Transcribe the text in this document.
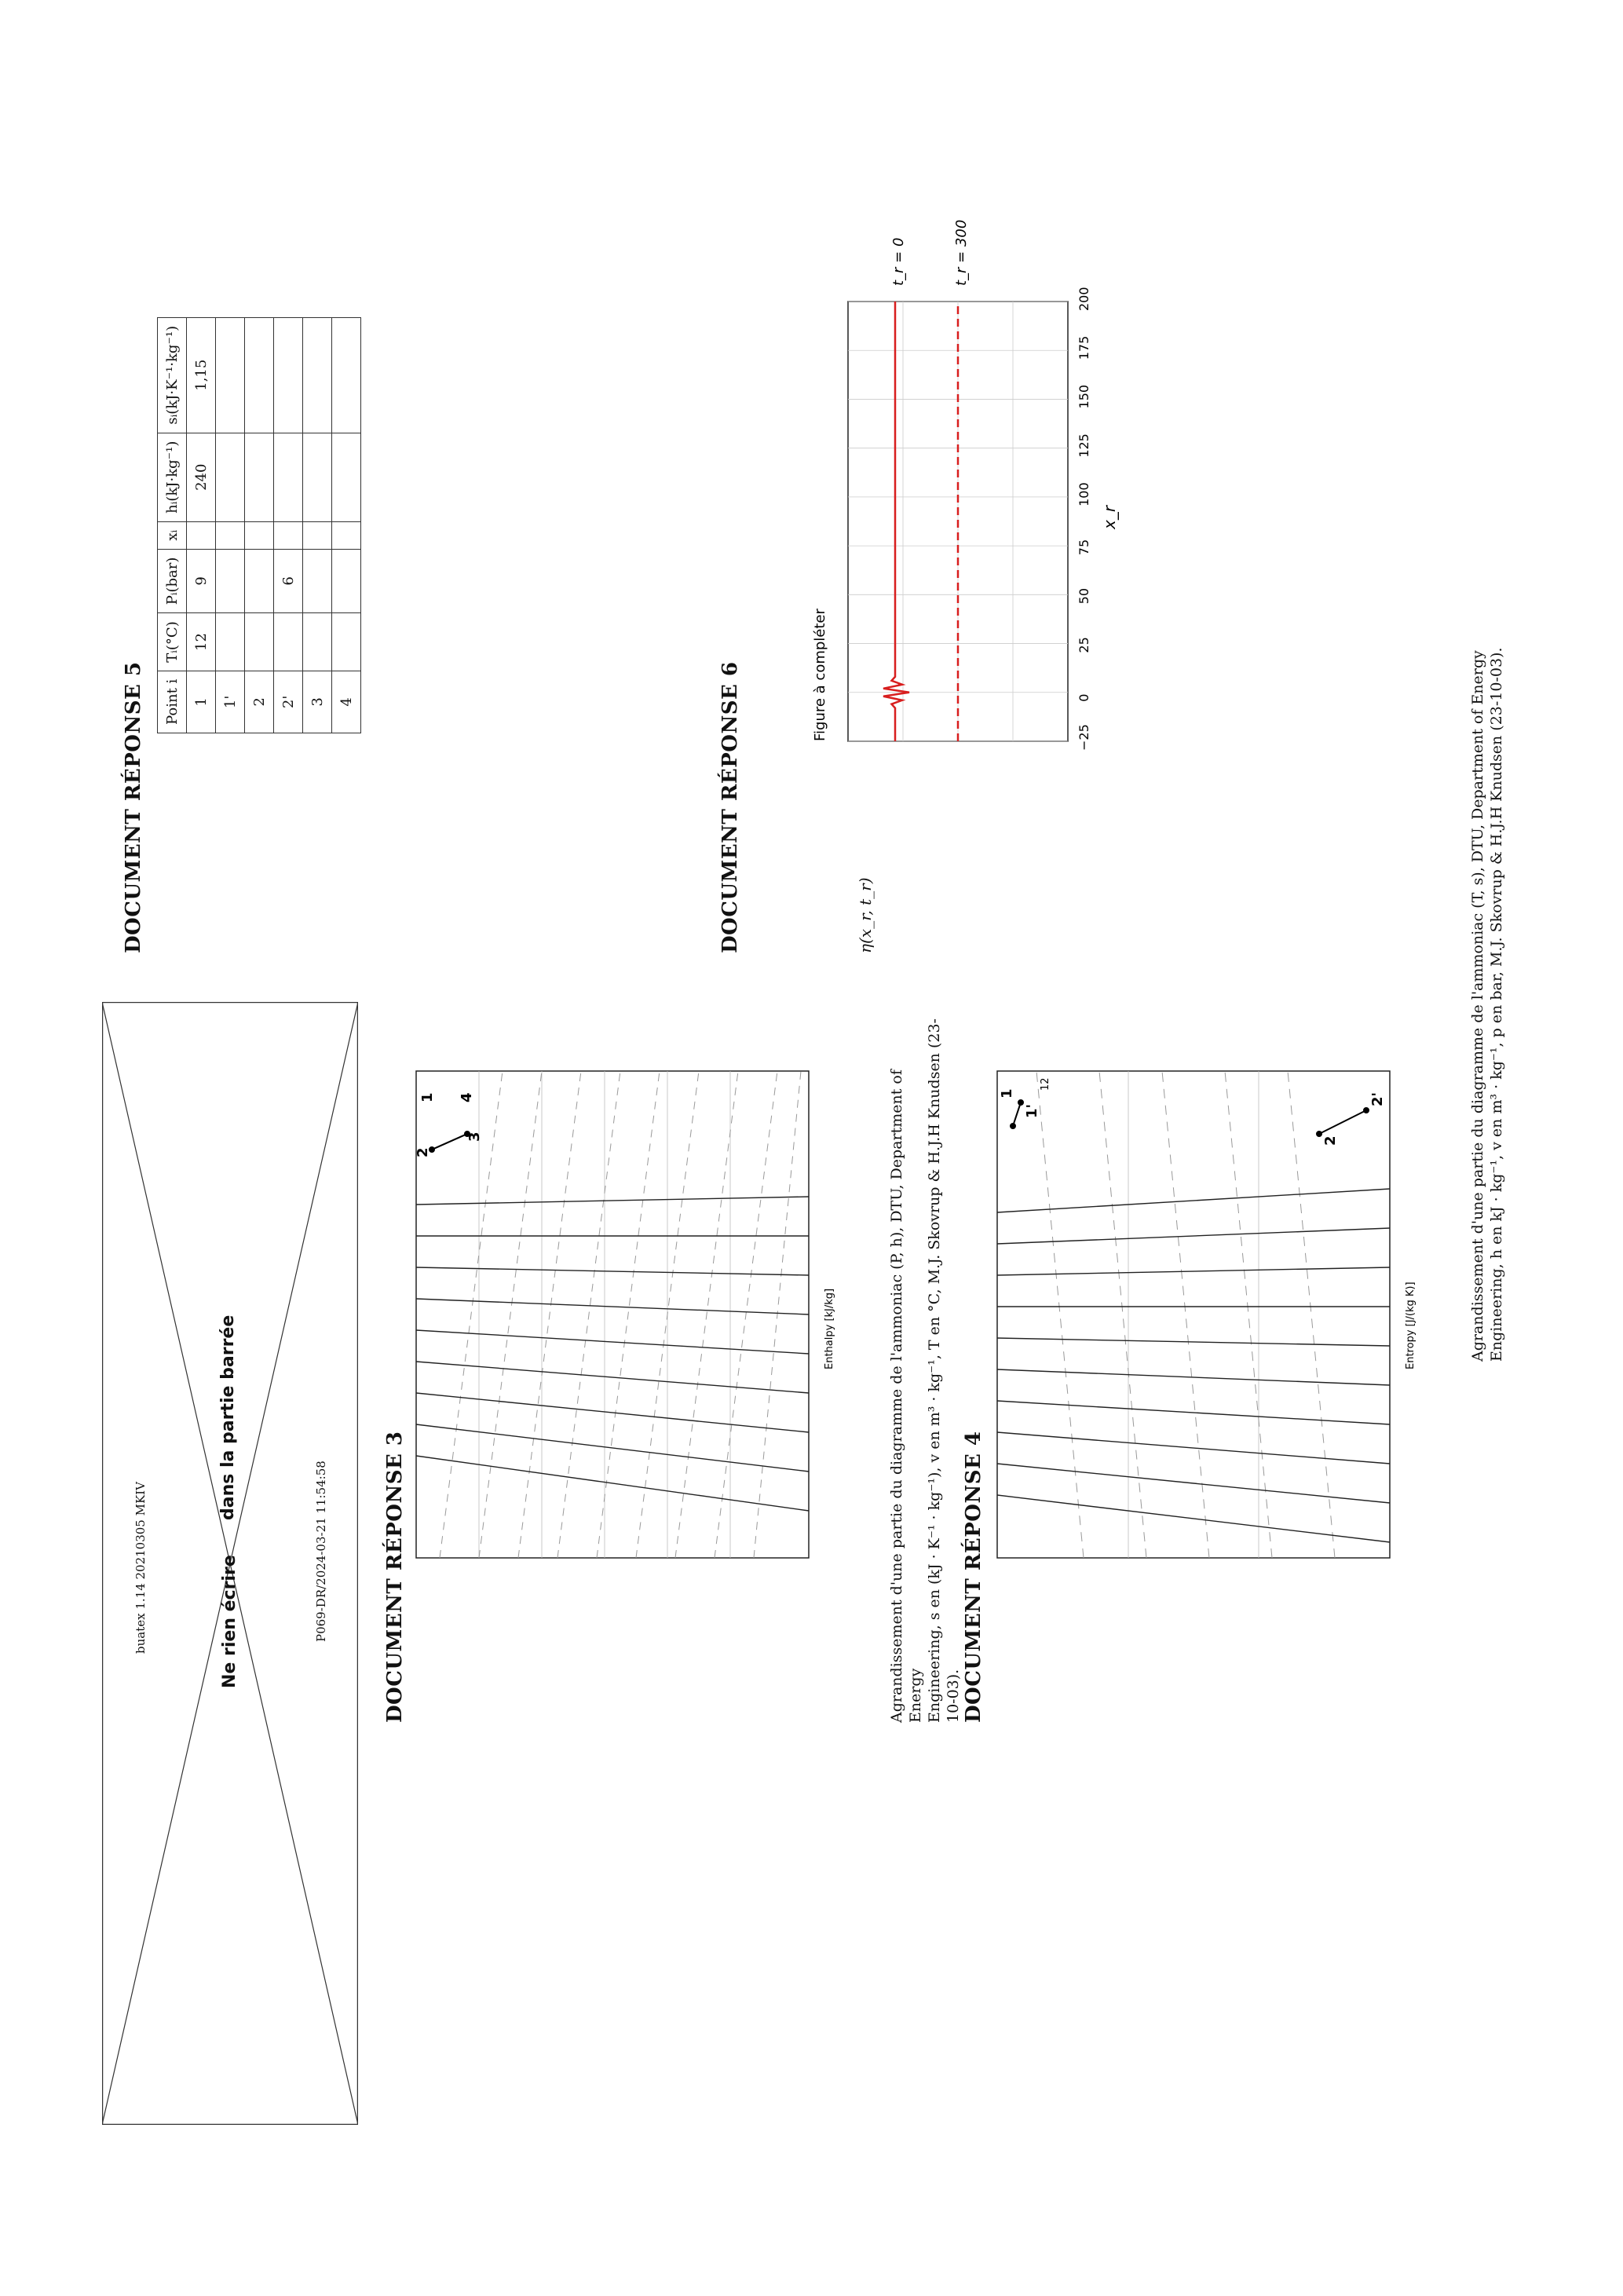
buatex 1.14 20210305 MKIV	Ne rien écrire
dans la partie barrée
P069-DR/2024-03-21 11:54:58	DOCUMENT RÉPONSE 3
3
2
1 4
Enthalpy [kJ/kg]	Agrandissement d'une partie du diagramme de l'ammoniac (P, h), DTU, Department of Energy Engineering, s en (kJ · K⁻¹ · kg⁻¹), v en m³ · kg⁻¹, T en °C, M.J. Skovrup & H.J.H Knudsen (23-10-03). DOCUMENT RÉPONSE 4
1
1'
2
2'
12
Entropy [J/(kg K)]	Agrandissement d'une partie du diagramme de l'ammoniac (T, s), DTU, Department of Energy Engineering, h en kJ · kg⁻¹, v en m³ · kg⁻¹, p en bar, M.J. Skovrup & H.J.H Knudsen (23-10-03).
DOCUMENT RÉPONSE 5 Point i	Tᵢ(°C)	Pᵢ(bar)	xᵢ	hᵢ(kJ·kg⁻¹)	sᵢ(kJ·K⁻¹·kg⁻¹)
1	12	9		240	1,15
1'					
2					
2'		6			
3					
4						DOCUMENT RÉPONSE 6	Figure à compléter	−25
0
25
50
75
100
125
150
175
200
x_r
t_r = 0	t_r = 300
η(x_r, t_r)
